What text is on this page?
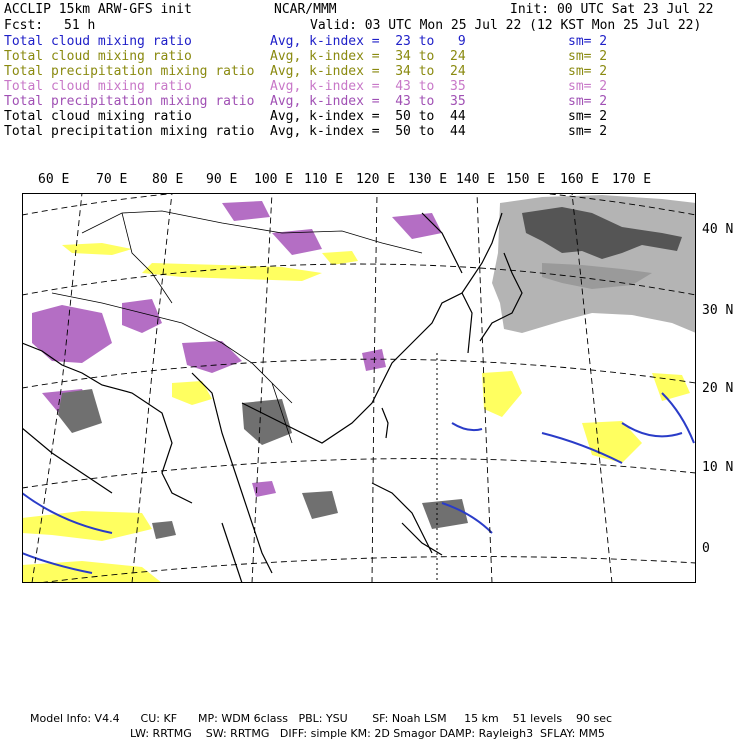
ACCLIP 15km ARW-GFS init	NCAR/MMM	Init: 00 UTC Sat 23 Jul 22
Fcst: 51 h	Valid: 03 UTC Mon 25 Jul 22 (12 KST Mon 25 Jul 22)
Total cloud mixing ratio	Avg, k-index =  23 to   9	sm= 2
Total cloud mixing ratio	Avg, k-index =  34 to  24	sm= 2
Total precipitation mixing ratio Avg, k-index =  34 to  24	sm= 2
Total cloud mixing ratio	Avg, k-index =  43 to  35	sm= 2
Total precipitation mixing ratio Avg, k-index =  43 to  35	sm= 2
Total cloud mixing ratio	Avg, k-index =  50 to  44	sm= 2
Total precipitation mixing ratio Avg, k-index =  50 to  44	sm= 2
60 E 70 E 80 E 90 E 100 E 110 E 120 E 130 E 140 E 150 E 160 E 170 E
40 N
30 N
20 N
10 N
0
Model Info: V4.4      CU: KF      MP: WDM 6class   PBL: YSU       SF: Noah LSM     15 km    51 levels    90 sec
LW: RRTMG    SW: RRTMG   DIFF: simple KM: 2D Smagor DAMP: Rayleigh3  SFLAY: MM5
